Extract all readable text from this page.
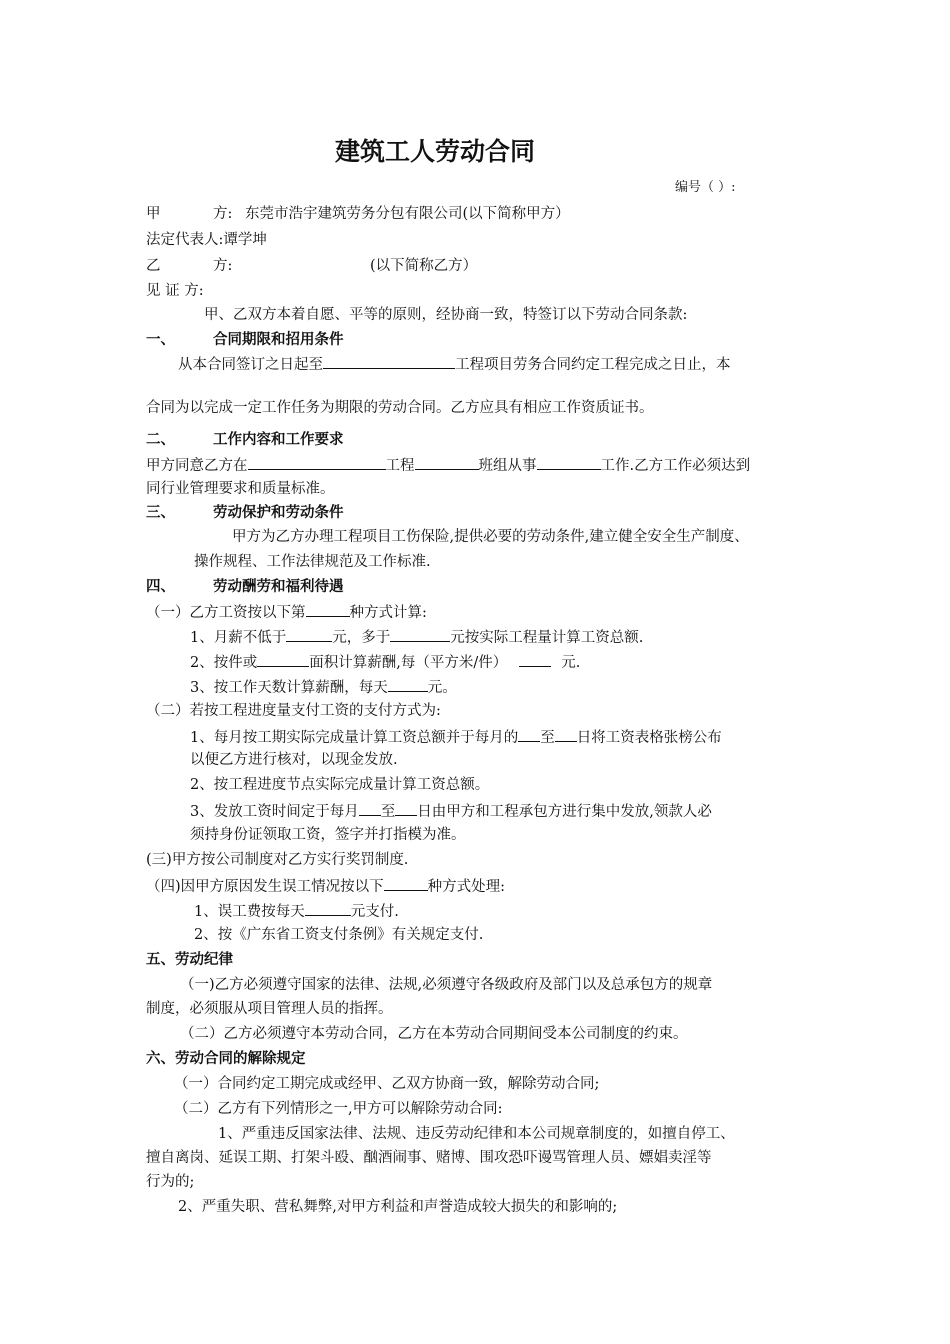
建筑工人劳动合同
编号（ ）:
甲	方: 东莞市浩宇建筑劳务分包有限公司(以下简称甲方）
法定代表人:谭学坤
乙	方:	(以下简称乙方）
见 证 方:
甲、乙双方本着自愿、平等的原则，经协商一致，特签订以下劳动合同条款:
一、	合同期限和招用条件
从本合同签订之日起至	工程项目劳务合同约定工程完成之日止，本
合同为以完成一定工作任务为期限的劳动合同。乙方应具有相应工作资质证书。
二、	工作内容和工作要求
甲方同意乙方在	工程	班组从事	工作.乙方工作必须达到
同行业管理要求和质量标准。
三、	劳动保护和劳动条件
甲方为乙方办理工程项目工伤保险,提供必要的劳动条件,建立健全安全生产制度、
操作规程、工作法律规范及工作标准.
四、	劳动酬劳和福利待遇
（一）乙方工资按以下第	种方式计算:
1、月薪不低于	元，多于	元按实际工程量计算工资总额.
2、按件或	面积计算薪酬,每（平方米/件）	元.
3、按工作天数计算薪酬，每天	元。
（二）若按工程进度量支付工资的支付方式为:
1、每月按工期实际完成量计算工资总额并于每月的 至 日将工资表格张榜公布
以便乙方进行核对，以现金发放.
2、按工程进度节点实际完成量计算工资总额。
3、发放工资时间定于每月 至 日由甲方和工程承包方进行集中发放,领款人必
须持身份证领取工资，签字并打指模为准。
(三)甲方按公司制度对乙方实行奖罚制度.
（四)因甲方原因发生误工情况按以下	种方式处理:
1、误工费按每天	元支付.
2、按《广东省工资支付条例》有关规定支付.
五、劳动纪律
（一)乙方必须遵守国家的法律、法规,必须遵守各级政府及部门以及总承包方的规章
制度，必须服从项目管理人员的指挥。
（二）乙方必须遵守本劳动合同，乙方在本劳动合同期间受本公司制度的约束。
六、劳动合同的解除规定
（一）合同约定工期完成或经甲、乙双方协商一致，解除劳动合同;
（二）乙方有下列情形之一,甲方可以解除劳动合同:
1、严重违反国家法律、法规、违反劳动纪律和本公司规章制度的，如擅自停工、
擅自离岗、延误工期、打架斗殴、酗酒闹事、赌博、围攻恐吓谩骂管理人员、嫖娼卖淫等
行为的;
2、严重失职、营私舞弊,对甲方利益和声誉造成较大损失的和影响的;
